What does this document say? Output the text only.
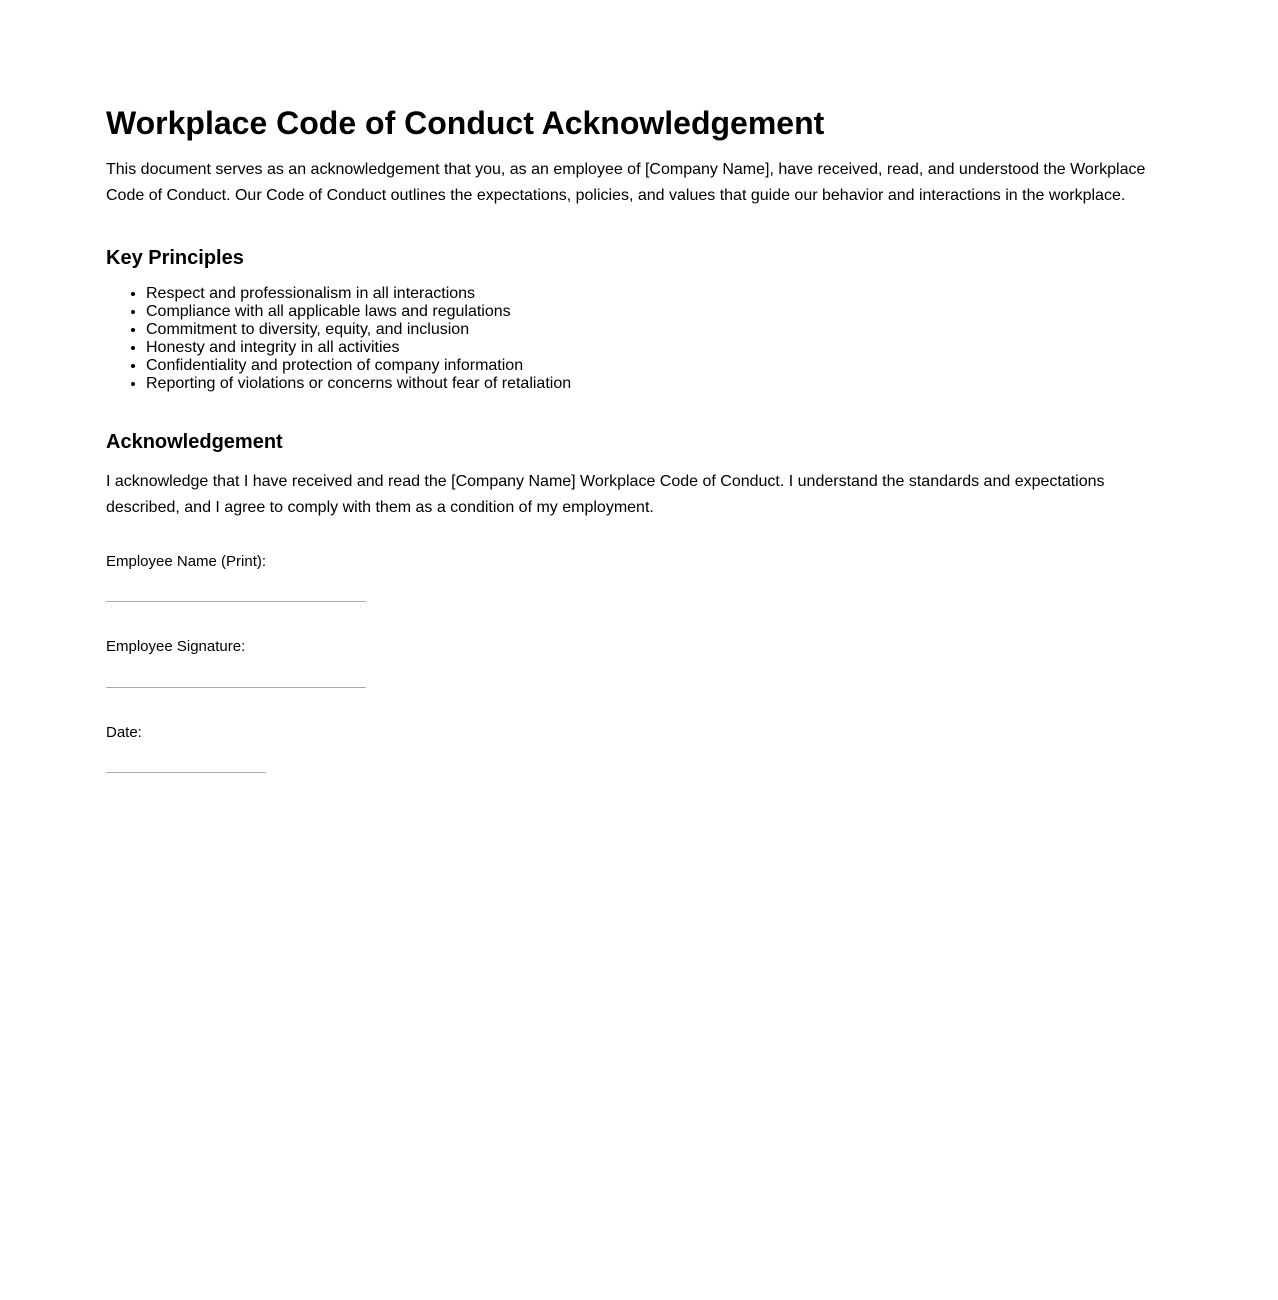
Workplace Code of Conduct Acknowledgement

This document serves as an acknowledgement that you, as an employee of [Company Name], have received, read, and understood the Workplace Code of Conduct. Our Code of Conduct outlines the expectations, policies, and values that guide our behavior and interactions in the workplace.

Key Principles
• Respect and professionalism in all interactions
• Compliance with all applicable laws and regulations
• Commitment to diversity, equity, and inclusion
• Honesty and integrity in all activities
• Confidentiality and protection of company information
• Reporting of violations or concerns without fear of retaliation
Acknowledgement

I acknowledge that I have received and read the [Company Name] Workplace Code of Conduct. I understand the standards and expectations described, and I agree to comply with them as a condition of my employment.

Employee Name (Print):
Employee Signature:
Date:
